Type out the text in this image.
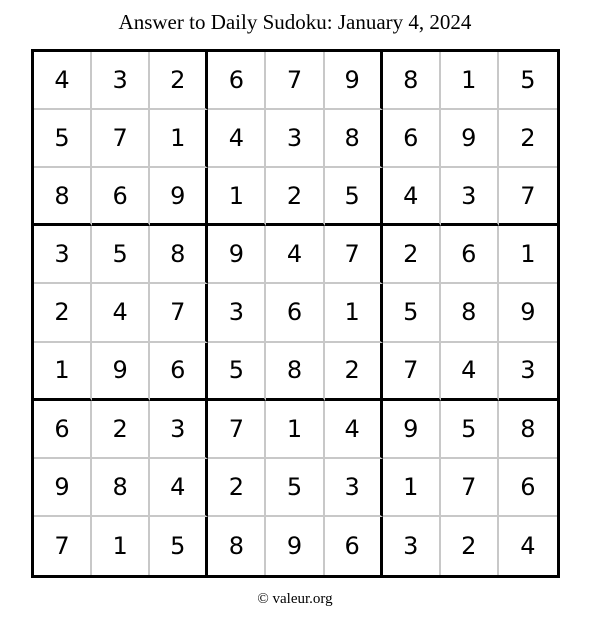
Answer to Daily Sudoku: January 4, 2024
4	3	2	6	7	9	8	1	5
5	7	1	4	3	8	6	9	2
8	6	9	1	2	5	4	3	7
3	5	8	9	4	7	2	6	1
2	4	7	3	6	1	5	8	9
1	9	6	5	8	2	7	4	3
6	2	3	7	1	4	9	5	8
9	8	4	2	5	3	1	7	6
7	1	5	8	9	6	3	2	4
© valeur.org
